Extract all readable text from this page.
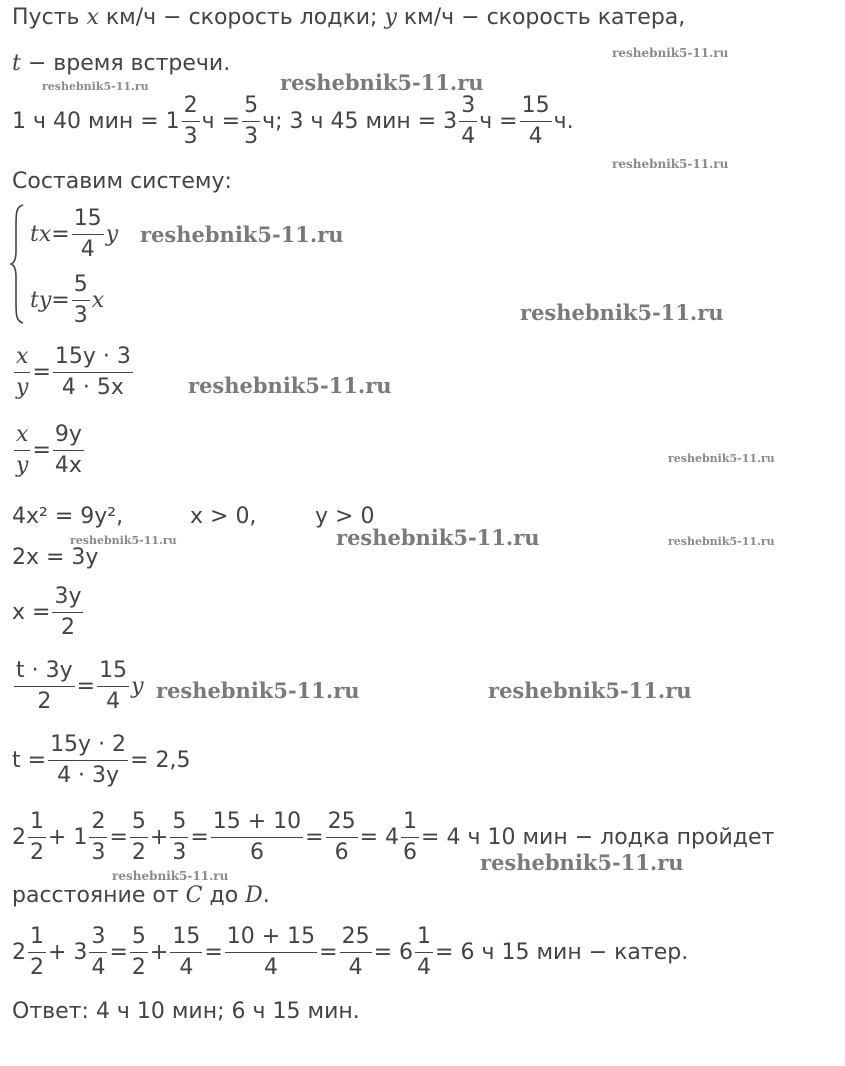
Пусть x км/ч − скорость лодки; y км/ч − скорость катера,
t − время встречи.
1 ч 40 мин = $1 \frac{2}{3}$ $ч = \frac{5}{3} ч$; 3 ч 45 мин = $3 \frac{3}{4}$ $ч = \frac{15}{4} ч$.
Составим систему:
tx = $\frac{15}{4}$ y
ty = $\frac{5}{3}$ x
$\frac{x}{y} = \frac{15y \cdot 3}{4 \cdot 5x}$
$\frac{x}{y} = \frac{9y}{4x}$
4x² = 9y²,	x > 0,	y > 0
2x = 3y
$x = \frac{3y}{2}$
$\frac{t \cdot 3y}{2} = \frac{15}{4}$ y
$t = \frac{15y \cdot 2}{4 \cdot 3y} = 2,5$
$2 \frac{1}{2} + 1 \frac{2}{3} = \frac{5}{2} + \frac{5}{3} = \frac{15 + 10}{6} = \frac{25}{6} = 4 \frac{1}{6} = 4$ ч 10 мин − лодка пройдет
расстояние от C до D.
$2 \frac{1}{2} + 3 \frac{3}{4} = \frac{5}{2} + \frac{15}{4} = \frac{10 + 15}{4} = \frac{25}{4} = 6 \frac{1}{4} = 6$ ч 15 мин − катер.
Ответ: 4 ч 10 мин; 6 ч 15 мин.
reshebnik5-11.ru
reshebnik5-11.ru	reshebnik5-11.ru
reshebnik5-11.ru
reshebnik5-11.ru
reshebnik5-11.ru
reshebnik5-11.ru
reshebnik5-11.ru
reshebnik5-11.ru	reshebnik5-11.ru	reshebnik5-11.ru
reshebnik5-11.ru	reshebnik5-11.ru
reshebnik5-11.ru
reshebnik5-11.ru
